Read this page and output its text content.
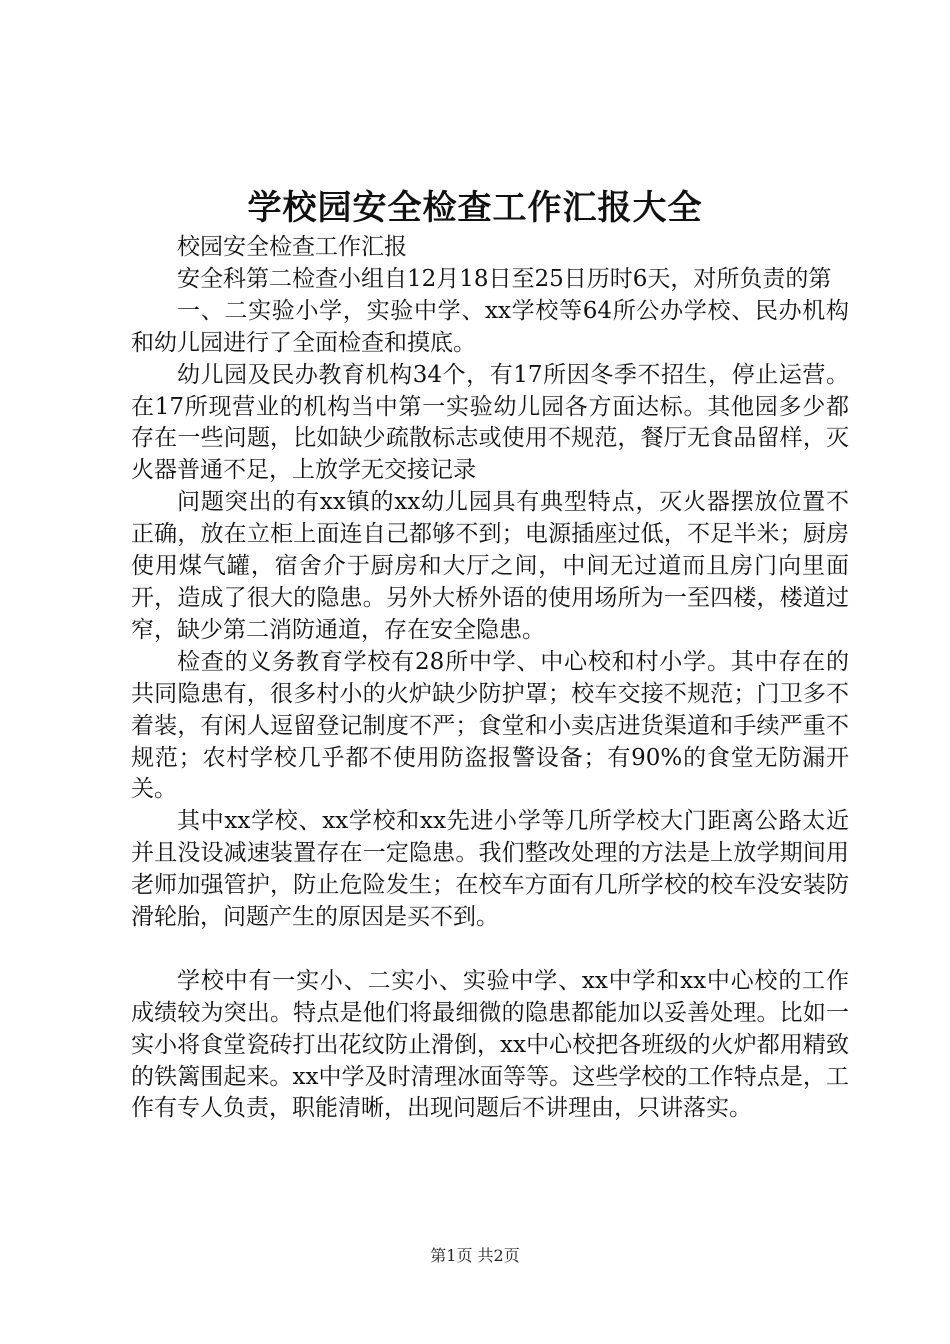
学校园安全检查工作汇报大全

校园安全检查工作汇报

安全科第二检查小组自12月18日至25日历时6天，对所负责的第

一、二实验小学，实验中学、xx学校等64所公办学校、民办机构和幼儿园进行了全面检查和摸底。

幼儿园及民办教育机构34个，有17所因冬季不招生，停止运营。在17所现营业的机构当中第一实验幼儿园各方面达标。其他园多少都存在一些问题，比如缺少疏散标志或使用不规范，餐厅无食品留样，灭火器普通不足，上放学无交接记录

问题突出的有xx镇的xx幼儿园具有典型特点，灭火器摆放位置不正确，放在立柜上面连自己都够不到；电源插座过低，不足半米；厨房使用煤气罐，宿舍介于厨房和大厅之间，中间无过道而且房门向里面开，造成了很大的隐患。另外大桥外语的使用场所为一至四楼，楼道过窄，缺少第二消防通道，存在安全隐患。

检查的义务教育学校有28所中学、中心校和村小学。其中存在的共同隐患有，很多村小的火炉缺少防护罩；校车交接不规范；门卫多不着装，有闲人逗留登记制度不严；食堂和小卖店进货渠道和手续严重不规范；农村学校几乎都不使用防盗报警设备；有90%的食堂无防漏开关。

其中xx学校、xx学校和xx先进小学等几所学校大门距离公路太近并且没设减速装置存在一定隐患。我们整改处理的方法是上放学期间用老师加强管护，防止危险发生；在校车方面有几所学校的校车没安装防滑轮胎，问题产生的原因是买不到。

学校中有一实小、二实小、实验中学、xx中学和xx中心校的工作成绩较为突出。特点是他们将最细微的隐患都能加以妥善处理。比如一实小将食堂瓷砖打出花纹防止滑倒，xx中心校把各班级的火炉都用精致的铁篱围起来。xx中学及时清理冰面等等。这些学校的工作特点是，工作有专人负责，职能清晰，出现问题后不讲理由，只讲落实。

第1页 共2页
